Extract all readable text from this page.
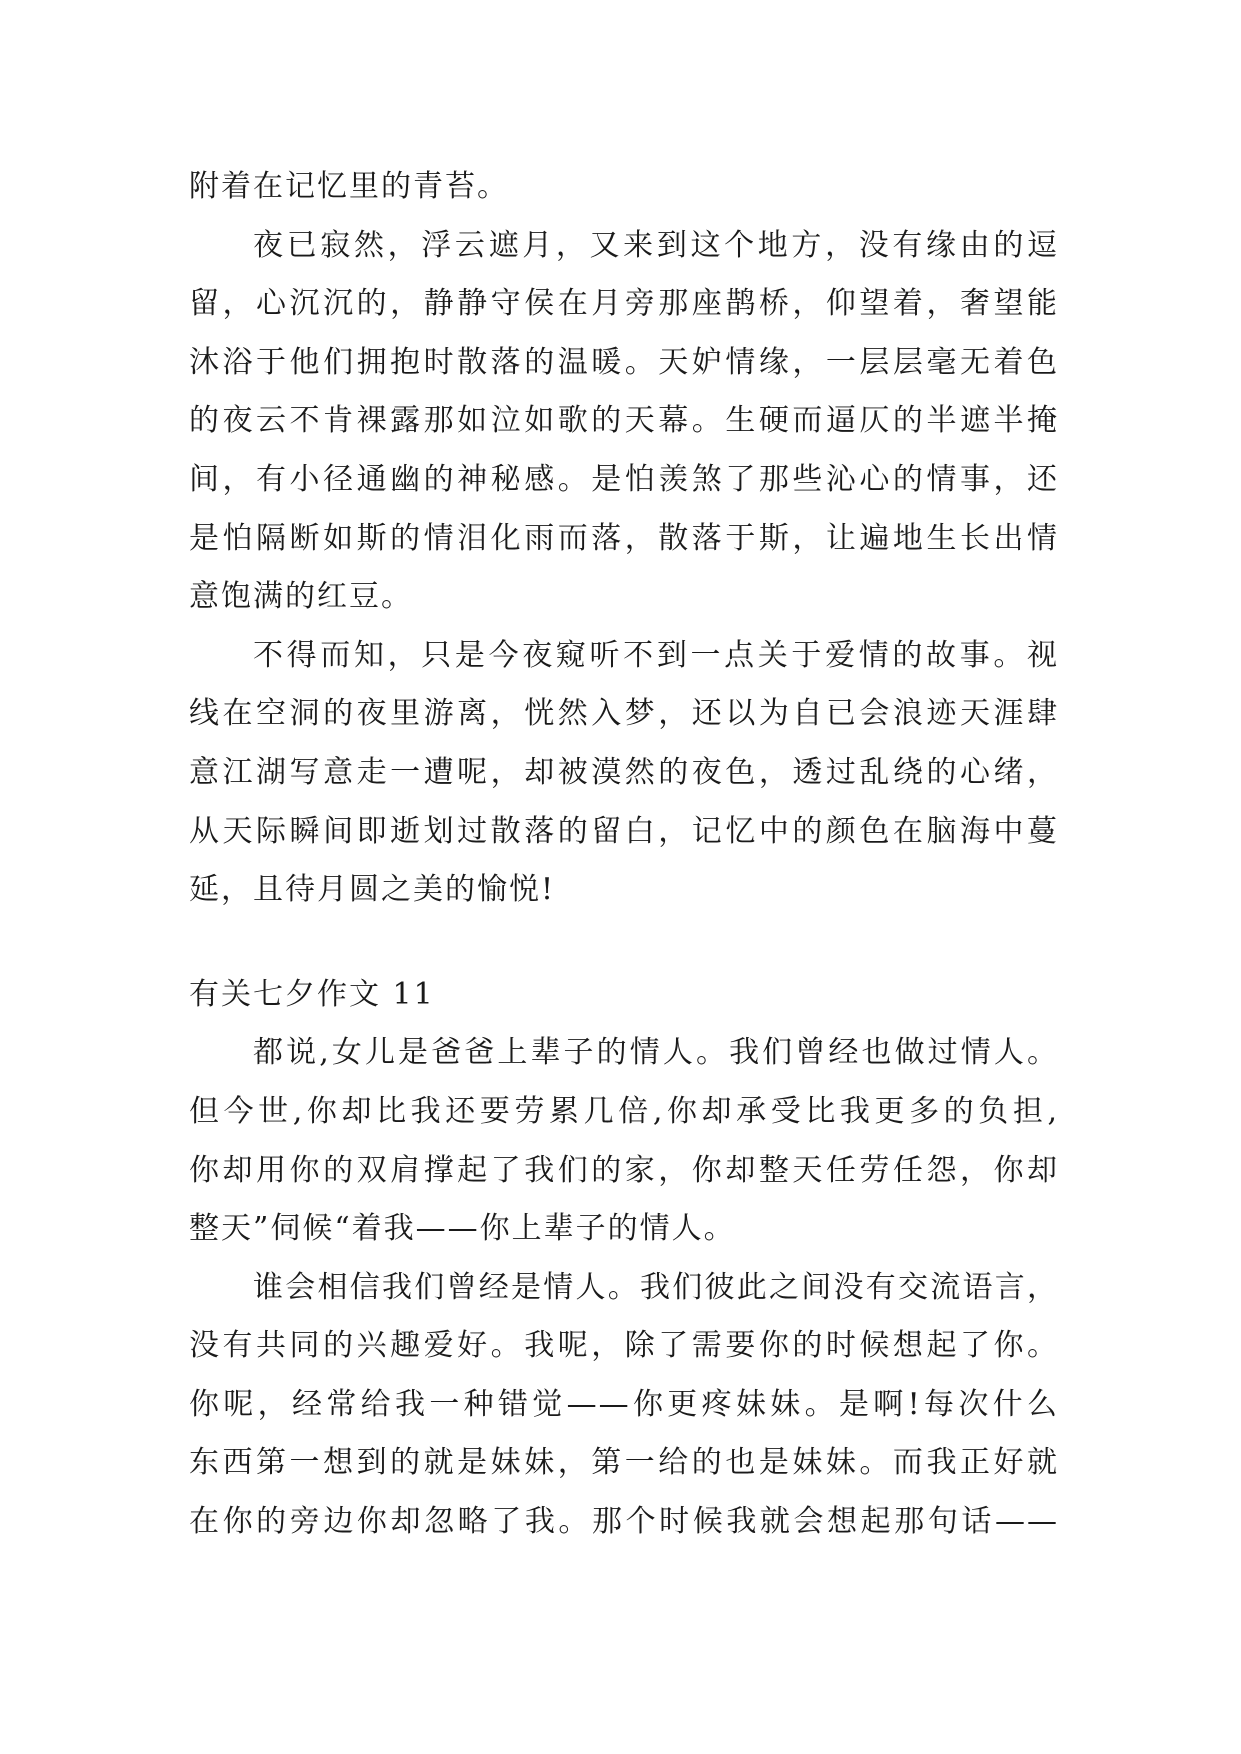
附着在记忆里的青苔。
夜已寂然，浮云遮月，又来到这个地方，没有缘由的逗
留，心沉沉的，静静守侯在月旁那座鹊桥，仰望着，奢望能
沐浴于他们拥抱时散落的温暖。天妒情缘，一层层毫无着色
的夜云不肯裸露那如泣如歌的天幕。生硬而逼仄的半遮半掩
间，有小径通幽的神秘感。是怕羡煞了那些沁心的情事，还
是怕隔断如斯的情泪化雨而落，散落于斯，让遍地生长出情
意饱满的红豆。
不得而知，只是今夜窥听不到一点关于爱情的故事。视
线在空洞的夜里游离，恍然入梦，还以为自已会浪迹天涯肆
意江湖写意走一遭呢，却被漠然的夜色，透过乱绕的心绪，
从天际瞬间即逝划过散落的留白，记忆中的颜色在脑海中蔓
延，且待月圆之美的愉悦!
有关七夕作文 11
都说,女儿是爸爸上辈子的情人。我们曾经也做过情人。
但今世,你却比我还要劳累几倍,你却承受比我更多的负担,
你却用你的双肩撑起了我们的家，你却整天任劳任怨，你却
整天”伺候“着我——你上辈子的情人。
谁会相信我们曾经是情人。我们彼此之间没有交流语言，
没有共同的兴趣爱好。我呢，除了需要你的时候想起了你。
你呢，经常给我一种错觉——你更疼妹妹。是啊!每次什么
东西第一想到的就是妹妹，第一给的也是妹妹。而我正好就
在你的旁边你却忽略了我。那个时候我就会想起那句话——
